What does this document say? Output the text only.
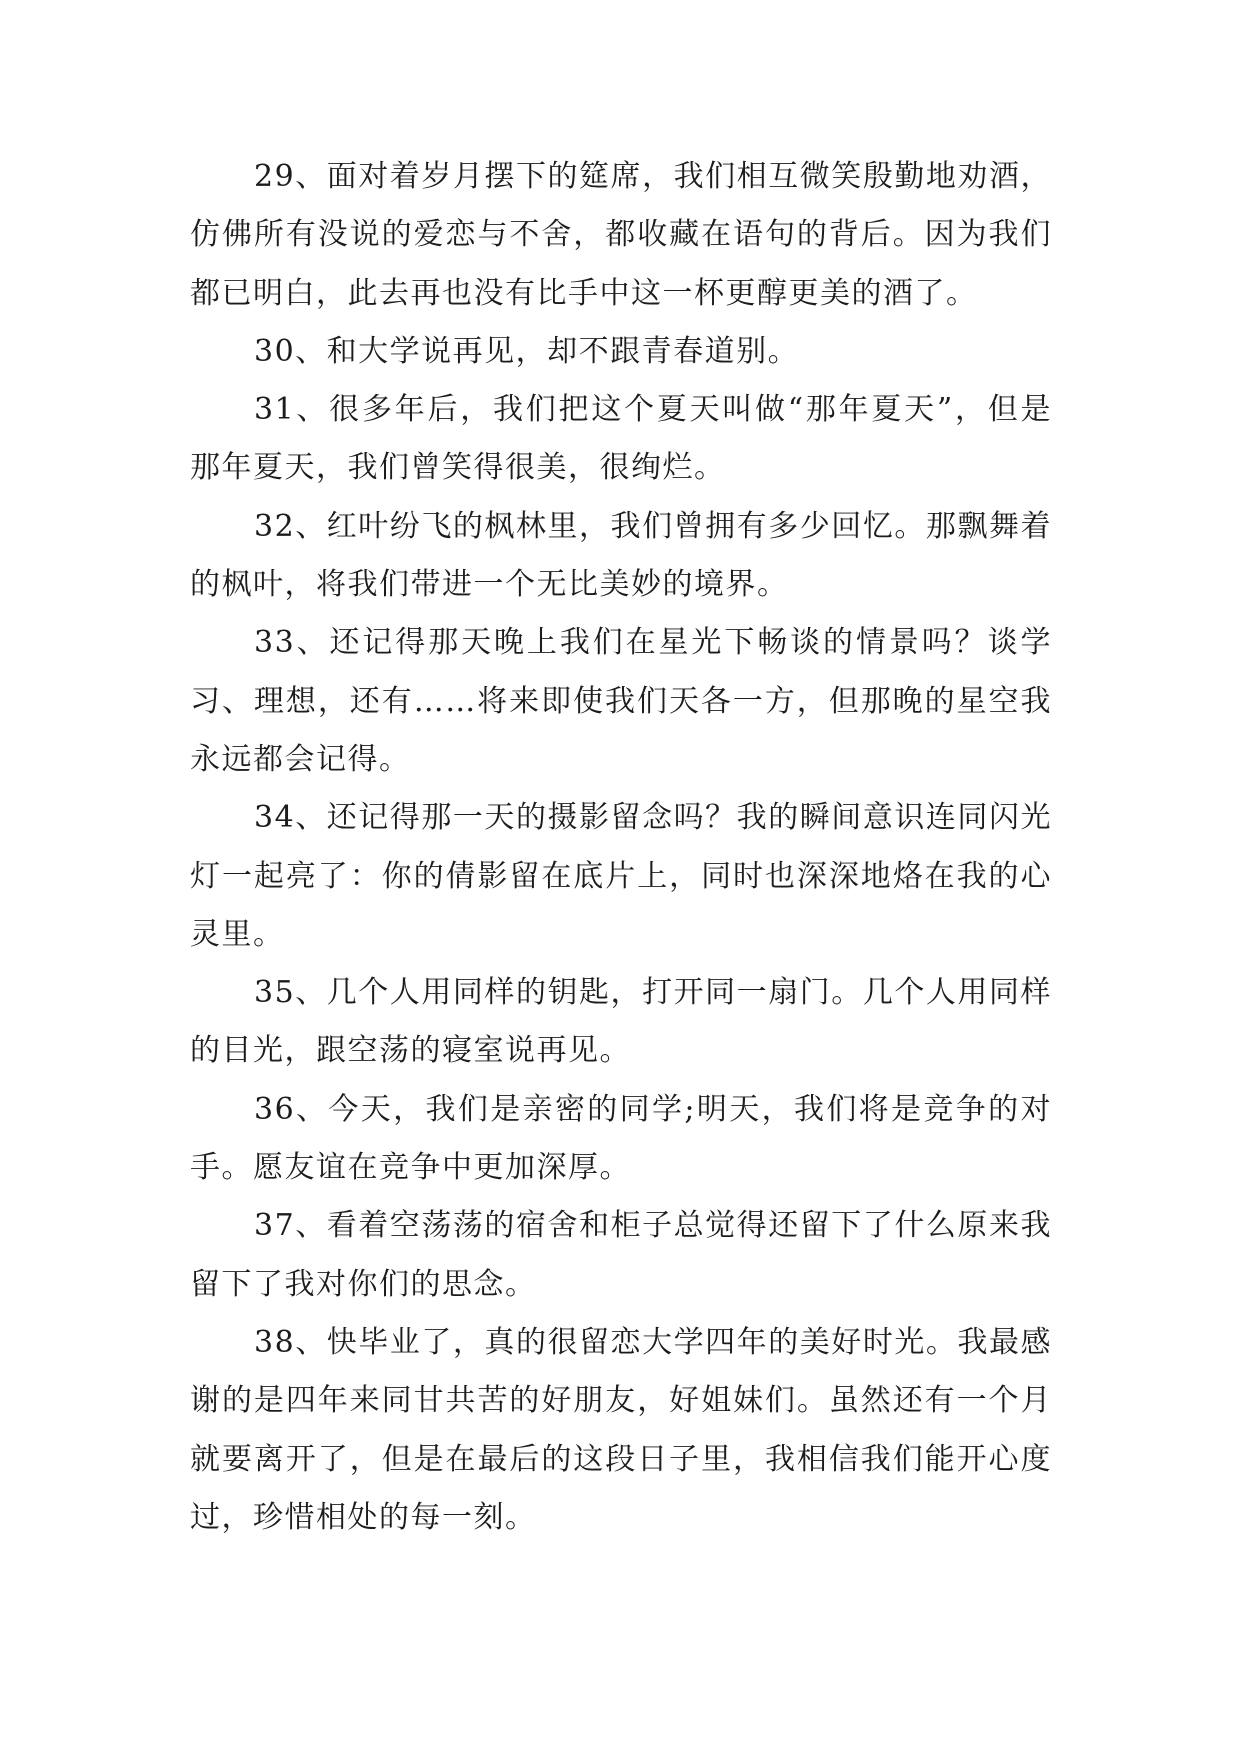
29、面对着岁月摆下的筵席，我们相互微笑殷勤地劝酒，仿佛所有没说的爱恋与不舍，都收藏在语句的背后。因为我们都已明白，此去再也没有比手中这一杯更醇更美的酒了。

30、和大学说再见，却不跟青春道别。

31、很多年后，我们把这个夏天叫做“那年夏天”，但是那年夏天，我们曾笑得很美，很绚烂。

32、红叶纷飞的枫林里，我们曾拥有多少回忆。那飘舞着的枫叶，将我们带进一个无比美妙的境界。

33、还记得那天晚上我们在星光下畅谈的情景吗？谈学习、理想，还有……将来即使我们天各一方，但那晚的星空我永远都会记得。

34、还记得那一天的摄影留念吗？我的瞬间意识连同闪光灯一起亮了：你的倩影留在底片上，同时也深深地烙在我的心灵里。

35、几个人用同样的钥匙，打开同一扇门。几个人用同样的目光，跟空荡的寝室说再见。

36、今天，我们是亲密的同学;明天，我们将是竞争的对手。愿友谊在竞争中更加深厚。

37、看着空荡荡的宿舍和柜子总觉得还留下了什么原来我留下了我对你们的思念。

38、快毕业了，真的很留恋大学四年的美好时光。我最感谢的是四年来同甘共苦的好朋友，好姐妹们。虽然还有一个月就要离开了，但是在最后的这段日子里，我相信我们能开心度过，珍惜相处的每一刻。
